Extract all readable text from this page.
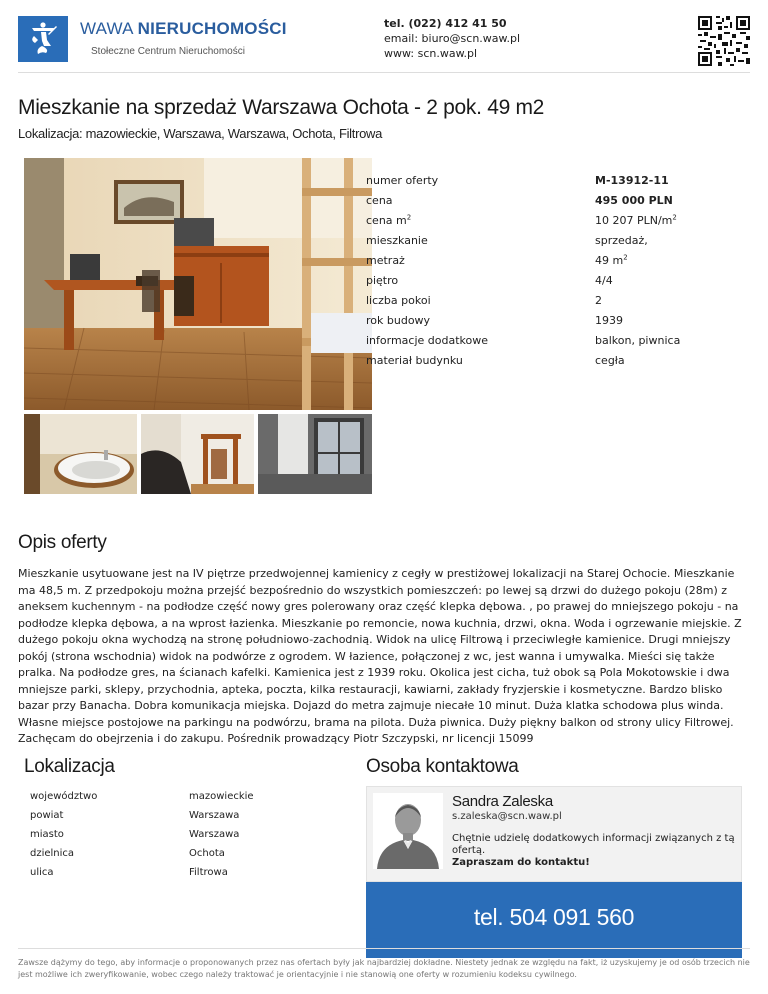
WAWA NIERUCHOMOŚCI
Stołeczne Centrum Nieruchomości
tel. (022) 412 41 50
email: biuro@scn.waw.pl
www: scn.waw.pl
Mieszkanie na sprzedaż Warszawa Ochota - 2 pok. 49 m2
Lokalizacja: mazowieckie, Warszawa, Warszawa, Ochota, Filtrowa
numer oferty	M-13912-11
cena	495 000 PLN
cena $m^2$	10 207 PLN/$m^2$
mieszkanie	sprzedaż,
metraż	49 $m^2$
piętro	4/4
liczba pokoi	2
rok budowy	1939
informacje dodatkowe	balkon, piwnica
materiał budynku	cegła
Opis oferty
Mieszkanie usytuowane jest na IV piętrze przedwojennej kamienicy z cegły w prestiżowej lokalizacji na Starej Ochocie. Mieszkanie ma 48,5 m. Z przedpokoju można przejść bezpośrednio do wszystkich pomieszczeń: po lewej są drzwi do dużego pokoju (28m) z aneksem kuchennym - na podłodze część nowy gres polerowany oraz część klepka dębowa. , po prawej do mniejszego pokoju - na podłodze klepka dębowa, a na wprost łazienka. Mieszkanie po remoncie, nowa kuchnia, drzwi, okna. Woda i ogrzewanie miejskie. Z dużego pokoju okna wychodzą na stronę południowo-zachodnią. Widok na ulicę Filtrową i przeciwległe kamienice. Drugi mniejszy pokój (strona wschodnia) widok na podwórze z ogrodem. W łazience, połączonej z wc, jest wanna i umywalka. Mieści się także pralka. Na podłodze gres, na ścianach kafelki. Kamienica jest z 1939 roku. Okolica jest cicha, tuż obok są Pola Mokotowskie i dwa mniejsze parki, sklepy, przychodnia, apteka, poczta, kilka restauracji, kawiarni, zakłady fryzjerskie i kosmetyczne. Bardzo blisko bazar przy Banacha. Dobra komunikacja miejska. Dojazd do metra zajmuje niecałe 10 minut. Duża klatka schodowa plus winda. Własne miejsce postojowe na parkingu na podwórzu, brama na pilota. Duża piwnica. Duży piękny balkon od strony ulicy Filtrowej. Zachęcam do obejrzenia i do zakupu. Pośrednik prowadzący Piotr Szczypski, nr licencji 15099
Lokalizacja
województwo	mazowieckie
powiat	Warszawa
miasto	Warszawa
dzielnica	Ochota
ulica	Filtrowa
Osoba kontaktowa
Sandra Zaleska
s.zaleska@scn.waw.pl
Chętnie udzielę dodatkowych informacji związanych z tą ofertą.
Zapraszam do kontaktu!
tel. 504 091 560
Zawsze dążymy do tego, aby informacje o proponowanych przez nas ofertach były jak najbardziej dokładne. Niestety jednak ze względu na fakt, iż uzyskujemy je od osób trzecich nie jest możliwe ich zweryfikowanie, wobec czego należy traktować je orientacyjnie i nie stanowią one oferty w rozumieniu kodeksu cywilnego.
